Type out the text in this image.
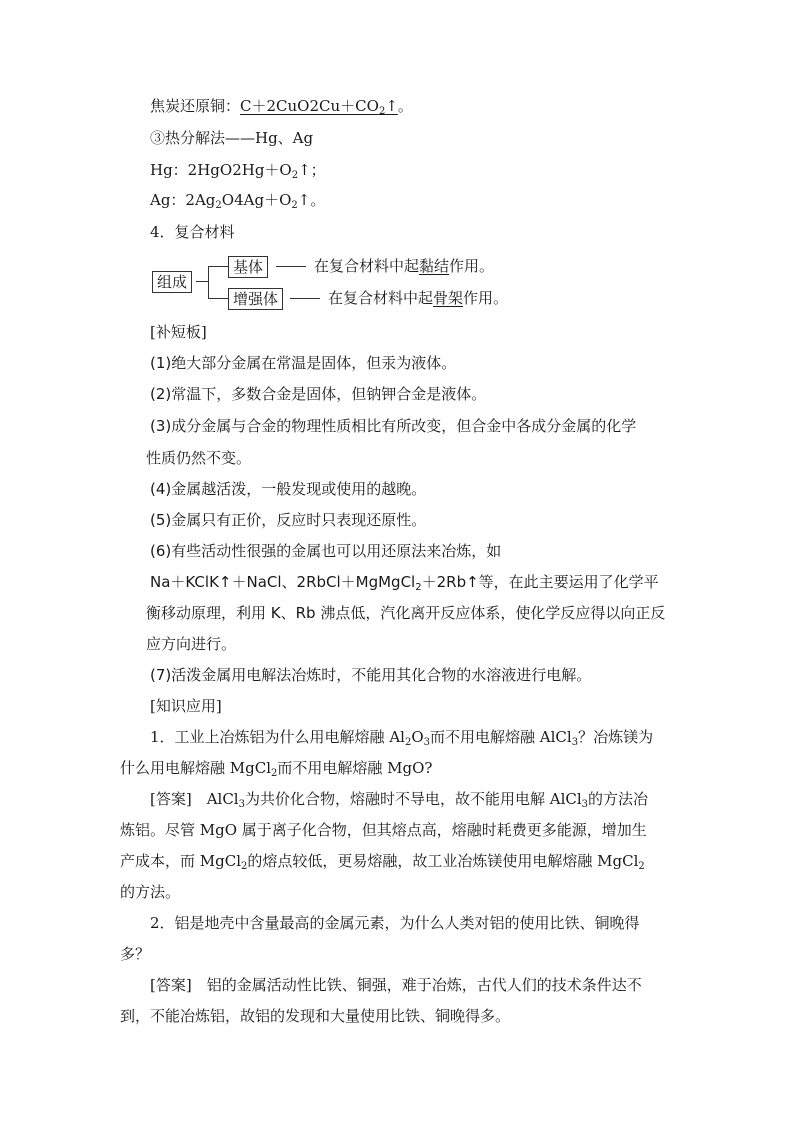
焦炭还原铜：$C+2CuO2Cu+CO_2↑$。
③热分解法——Hg、Ag
Hg：$2HgO2Hg+O_2↑$；
Ag：$2Ag_2O4Ag+O_2↑$。
4．复合材料
组成
基体	在复合材料中起黏结作用。
增强体	在复合材料中起骨架作用。
[补短板]
(1)绝大部分金属在常温是固体，但汞为液体。
(2)常温下，多数合金是固体，但钠钾合金是液体。
(3)成分金属与合金的物理性质相比有所改变，但合金中各成分金属的化学
性质仍然不变。
(4)金属越活泼，一般发现或使用的越晚。
(5)金属只有正价，反应时只表现还原性。
(6)有些活动性很强的金属也可以用还原法来冶炼，如
Na＋KClK↑＋NaCl、2RbCl＋MgMgCl$_2$＋2Rb↑等，在此主要运用了化学平
衡移动原理，利用 K、Rb 沸点低，汽化离开反应体系，使化学反应得以向正反
应方向进行。
(7)活泼金属用电解法冶炼时，不能用其化合物的水溶液进行电解。
[知识应用]
1．工业上冶炼铝为什么用电解熔融 $Al_2O_3$而不用电解熔融 AlCl$_3$？冶炼镁为
什么用电解熔融 MgCl$_2$而不用电解熔融 MgO?
[答案]　AlCl$_3$为共价化合物，熔融时不导电，故不能用电解 AlCl$_3$的方法冶
炼铝。尽管 MgO 属于离子化合物，但其熔点高，熔融时耗费更多能源，增加生
产成本，而 MgCl$_2$的熔点较低，更易熔融，故工业冶炼镁使用电解熔融 MgCl$_2$
的方法。
2．铝是地壳中含量最高的金属元素，为什么人类对铝的使用比铁、铜晚得
多？
[答案]　铝的金属活动性比铁、铜强，难于冶炼，古代人们的技术条件达不
到，不能冶炼铝，故铝的发现和大量使用比铁、铜晚得多。
